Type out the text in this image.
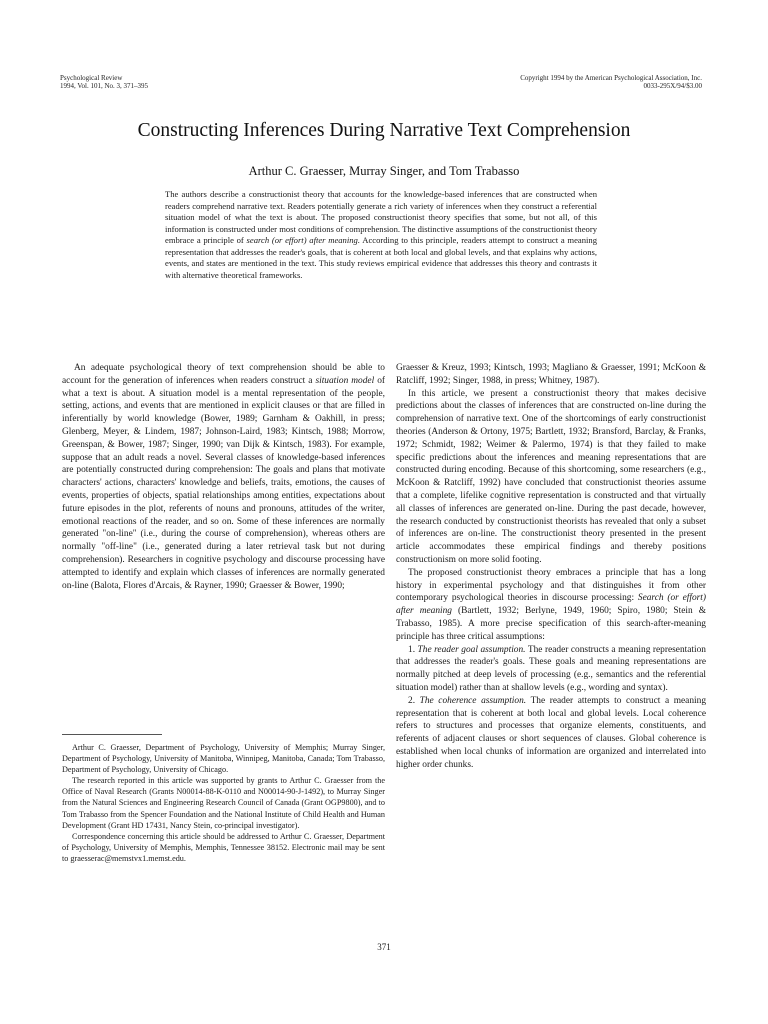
Psychological Review
1994, Vol. 101, No. 3, 371–395
Copyright 1994 by the American Psychological Association, Inc.
0033-295X/94/$3.00
Constructing Inferences During Narrative Text Comprehension
Arthur C. Graesser, Murray Singer, and Tom Trabasso
The authors describe a constructionist theory that accounts for the knowledge-based inferences that are constructed when readers comprehend narrative text. Readers potentially generate a rich variety of inferences when they construct a referential situation model of what the text is about. The proposed constructionist theory specifies that some, but not all, of this information is constructed under most conditions of comprehension. The distinctive assumptions of the constructionist theory embrace a principle of search (or effort) after meaning. According to this principle, readers attempt to construct a meaning representation that addresses the reader's goals, that is coherent at both local and global levels, and that explains why actions, events, and states are mentioned in the text. This study reviews empirical evidence that addresses this theory and contrasts it with alternative theoretical frameworks.

An adequate psychological theory of text comprehension should be able to account for the generation of inferences when readers construct a situation model of what a text is about. A situation model is a mental representation of the people, setting, actions, and events that are mentioned in explicit clauses or that are filled in inferentially by world knowledge (Bower, 1989; Garnham & Oakhill, in press; Glenberg, Meyer, & Lindem, 1987; Johnson-Laird, 1983; Kintsch, 1988; Morrow, Greenspan, & Bower, 1987; Singer, 1990; van Dijk & Kintsch, 1983). For example, suppose that an adult reads a novel. Several classes of knowledge-based inferences are potentially constructed during comprehension: The goals and plans that motivate characters' actions, characters' knowledge and beliefs, traits, emotions, the causes of events, properties of objects, spatial relationships among entities, expectations about future episodes in the plot, referents of nouns and pronouns, attitudes of the writer, emotional reactions of the reader, and so on. Some of these inferences are normally generated "on-line" (i.e., during the course of comprehension), whereas others are normally "off-line" (i.e., generated during a later retrieval task but not during comprehension). Researchers in cognitive psychology and discourse processing have attempted to identify and explain which classes of inferences are normally generated on-line (Balota, Flores d'Arcais, & Rayner, 1990; Graesser & Bower, 1990;

Graesser & Kreuz, 1993; Kintsch, 1993; Magliano & Graesser, 1991; McKoon & Ratcliff, 1992; Singer, 1988, in press; Whitney, 1987).

In this article, we present a constructionist theory that makes decisive predictions about the classes of inferences that are constructed on-line during the comprehension of narrative text. One of the shortcomings of early constructionist theories (Anderson & Ortony, 1975; Bartlett, 1932; Bransford, Barclay, & Franks, 1972; Schmidt, 1982; Weimer & Palermo, 1974) is that they failed to make specific predictions about the inferences and meaning representations that are constructed during encoding. Because of this shortcoming, some researchers (e.g., McKoon & Ratcliff, 1992) have concluded that constructionist theories assume that a complete, lifelike cognitive representation is constructed and that virtually all classes of inferences are generated on-line. During the past decade, however, the research conducted by constructionist theorists has revealed that only a subset of inferences are on-line. The constructionist theory presented in the present article accommodates these empirical findings and thereby positions constructionism on more solid footing.

The proposed constructionist theory embraces a principle that has a long history in experimental psychology and that distinguishes it from other contemporary psychological theories in discourse processing: Search (or effort) after meaning (Bartlett, 1932; Berlyne, 1949, 1960; Spiro, 1980; Stein & Trabasso, 1985). A more precise specification of this search-after-meaning principle has three critical assumptions:

1. The reader goal assumption. The reader constructs a meaning representation that addresses the reader's goals. These goals and meaning representations are normally pitched at deep levels of processing (e.g., semantics and the referential situation model) rather than at shallow levels (e.g., wording and syntax).

2. The coherence assumption. The reader attempts to construct a meaning representation that is coherent at both local and global levels. Local coherence refers to structures and processes that organize elements, constituents, and referents of adjacent clauses or short sequences of clauses. Global coherence is established when local chunks of information are organized and interrelated into higher order chunks.

Arthur C. Graesser, Department of Psychology, University of Memphis; Murray Singer, Department of Psychology, University of Manitoba, Winnipeg, Manitoba, Canada; Tom Trabasso, Department of Psychology, University of Chicago.

The research reported in this article was supported by grants to Arthur C. Graesser from the Office of Naval Research (Grants N00014-88-K-0110 and N00014-90-J-1492), to Murray Singer from the Natural Sciences and Engineering Research Council of Canada (Grant OGP9800), and to Tom Trabasso from the Spencer Foundation and the National Institute of Child Health and Human Development (Grant HD 17431, Nancy Stein, co-principal investigator).

Correspondence concerning this article should be addressed to Arthur C. Graesser, Department of Psychology, University of Memphis, Memphis, Tennessee 38152. Electronic mail may be sent to graesserac@memstvx1.memst.edu.

371
